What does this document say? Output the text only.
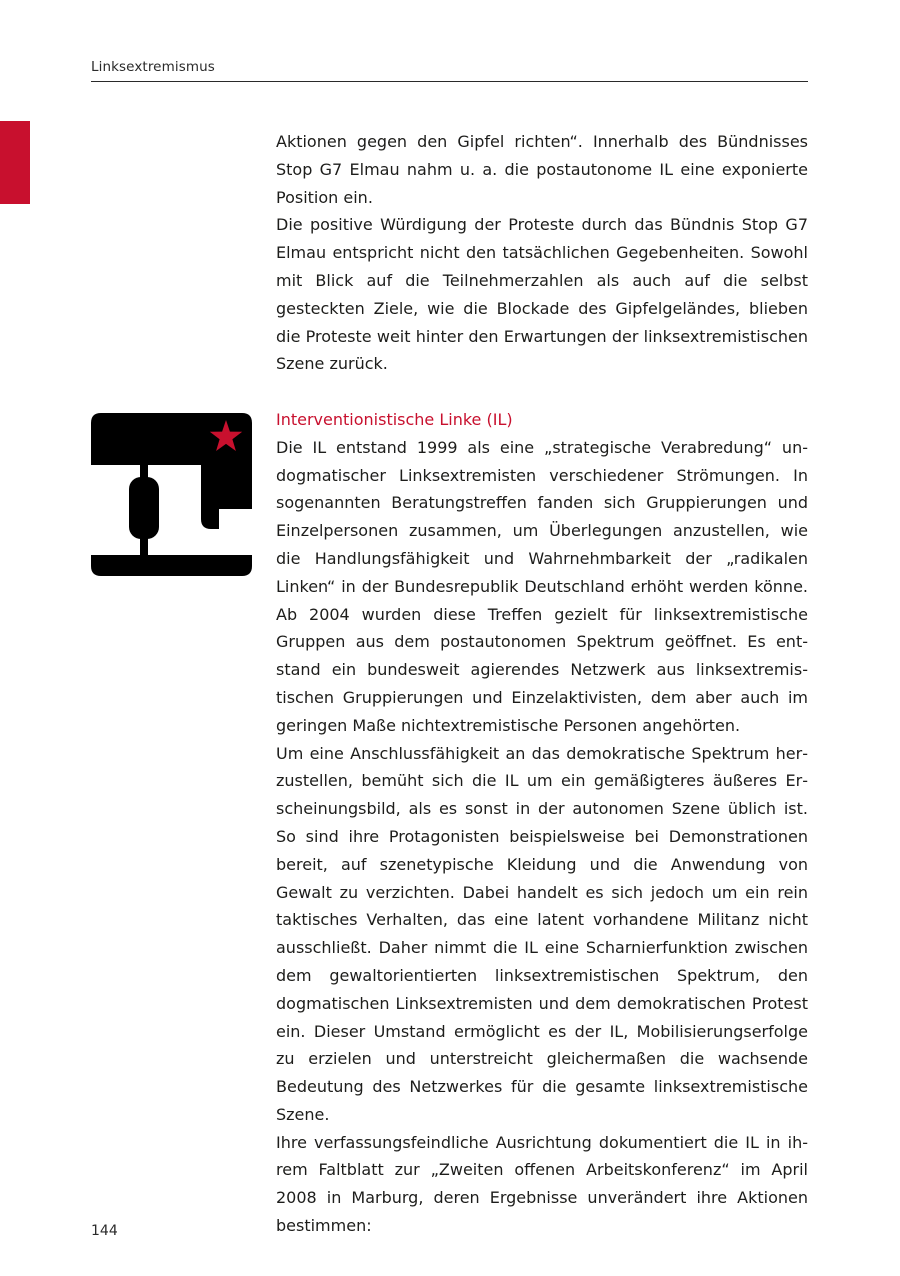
Linksextremismus

Aktionen gegen den Gipfel richten“. Innerhalb des Bündnisses Stop G7 Elmau nahm u. a. die postautonome IL eine exponierte Position ein.

Die positive Würdigung der Proteste durch das Bündnis Stop G7 Elmau entspricht nicht den tatsächlichen Gegebenheiten. Sowohl mit Blick auf die Teilnehmerzahlen als auch auf die selbst gesteckten Ziele, wie die Blockade des Gipfelgeländes, blieben die Proteste weit hinter den Erwartungen der linksextremistischen Szene zurück.

Interventionistische Linke (IL)

Die IL entstand 1999 als eine „strategische Verabredung“ undogmatischer Linksextremisten verschiedener Strömungen. In sogenannten Beratungstreffen fanden sich Gruppierungen und Einzelpersonen zusammen, um Überlegungen anzustellen, wie die Handlungsfähigkeit und Wahrnehmbarkeit der „radikalen Linken“ in der Bundesrepublik Deutschland erhöht werden könne. Ab 2004 wurden diese Treffen gezielt für linksextremistische Gruppen aus dem postautonomen Spektrum geöffnet. Es entstand ein bundesweit agierendes Netzwerk aus linksextremistischen Gruppierungen und Einzelaktivisten, dem aber auch im geringen Maße nichtextremistische Personen angehörten.

Um eine Anschlussfähigkeit an das demokratische Spektrum herzustellen, bemüht sich die IL um ein gemäßigteres äußeres Erscheinungsbild, als es sonst in der autonomen Szene üblich ist. So sind ihre Protagonisten beispielsweise bei Demonstrationen bereit, auf szenetypische Kleidung und die Anwendung von Gewalt zu verzichten. Dabei handelt es sich jedoch um ein rein taktisches Verhalten, das eine latent vorhandene Militanz nicht ausschließt. Daher nimmt die IL eine Scharnierfunktion zwischen dem gewaltorientierten linksextremistischen Spektrum, den dogmatischen Linksextremisten und dem demokratischen Protest ein. Dieser Umstand ermöglicht es der IL, Mobilisierungserfolge zu erzielen und unterstreicht gleichermaßen die wachsende Bedeutung des Netzwerkes für die gesamte linksextremistische Szene.

Ihre verfassungsfeindliche Ausrichtung dokumentiert die IL in ihrem Faltblatt zur „Zweiten offenen Arbeitskonferenz“ im April 2008 in Marburg, deren Ergebnisse unverändert ihre Aktionen bestimmen:

144
